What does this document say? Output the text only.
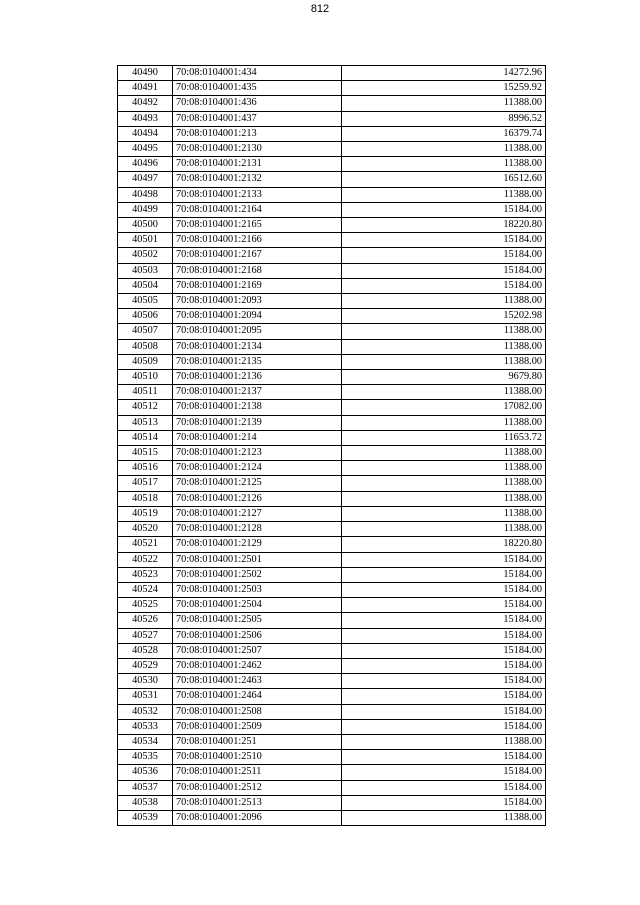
812
40490	70:08:0104001:434	14272.96
40491	70:08:0104001:435	15259.92
40492	70:08:0104001:436	11388.00
40493	70:08:0104001:437	8996.52
40494	70:08:0104001:213	16379.74
40495	70:08:0104001:2130	11388.00
40496	70:08:0104001:2131	11388.00
40497	70:08:0104001:2132	16512.60
40498	70:08:0104001:2133	11388.00
40499	70:08:0104001:2164	15184.00
40500	70:08:0104001:2165	18220.80
40501	70:08:0104001:2166	15184.00
40502	70:08:0104001:2167	15184.00
40503	70:08:0104001:2168	15184.00
40504	70:08:0104001:2169	15184.00
40505	70:08:0104001:2093	11388.00
40506	70:08:0104001:2094	15202.98
40507	70:08:0104001:2095	11388.00
40508	70:08:0104001:2134	11388.00
40509	70:08:0104001:2135	11388.00
40510	70:08:0104001:2136	9679.80
40511	70:08:0104001:2137	11388.00
40512	70:08:0104001:2138	17082.00
40513	70:08:0104001:2139	11388.00
40514	70:08:0104001:214	11653.72
40515	70:08:0104001:2123	11388.00
40516	70:08:0104001:2124	11388.00
40517	70:08:0104001:2125	11388.00
40518	70:08:0104001:2126	11388.00
40519	70:08:0104001:2127	11388.00
40520	70:08:0104001:2128	11388.00
40521	70:08:0104001:2129	18220.80
40522	70:08:0104001:2501	15184.00
40523	70:08:0104001:2502	15184.00
40524	70:08:0104001:2503	15184.00
40525	70:08:0104001:2504	15184.00
40526	70:08:0104001:2505	15184.00
40527	70:08:0104001:2506	15184.00
40528	70:08:0104001:2507	15184.00
40529	70:08:0104001:2462	15184.00
40530	70:08:0104001:2463	15184.00
40531	70:08:0104001:2464	15184.00
40532	70:08:0104001:2508	15184.00
40533	70:08:0104001:2509	15184.00
40534	70:08:0104001:251	11388.00
40535	70:08:0104001:2510	15184.00
40536	70:08:0104001:2511	15184.00
40537	70:08:0104001:2512	15184.00
40538	70:08:0104001:2513	15184.00
40539	70:08:0104001:2096	11388.00
